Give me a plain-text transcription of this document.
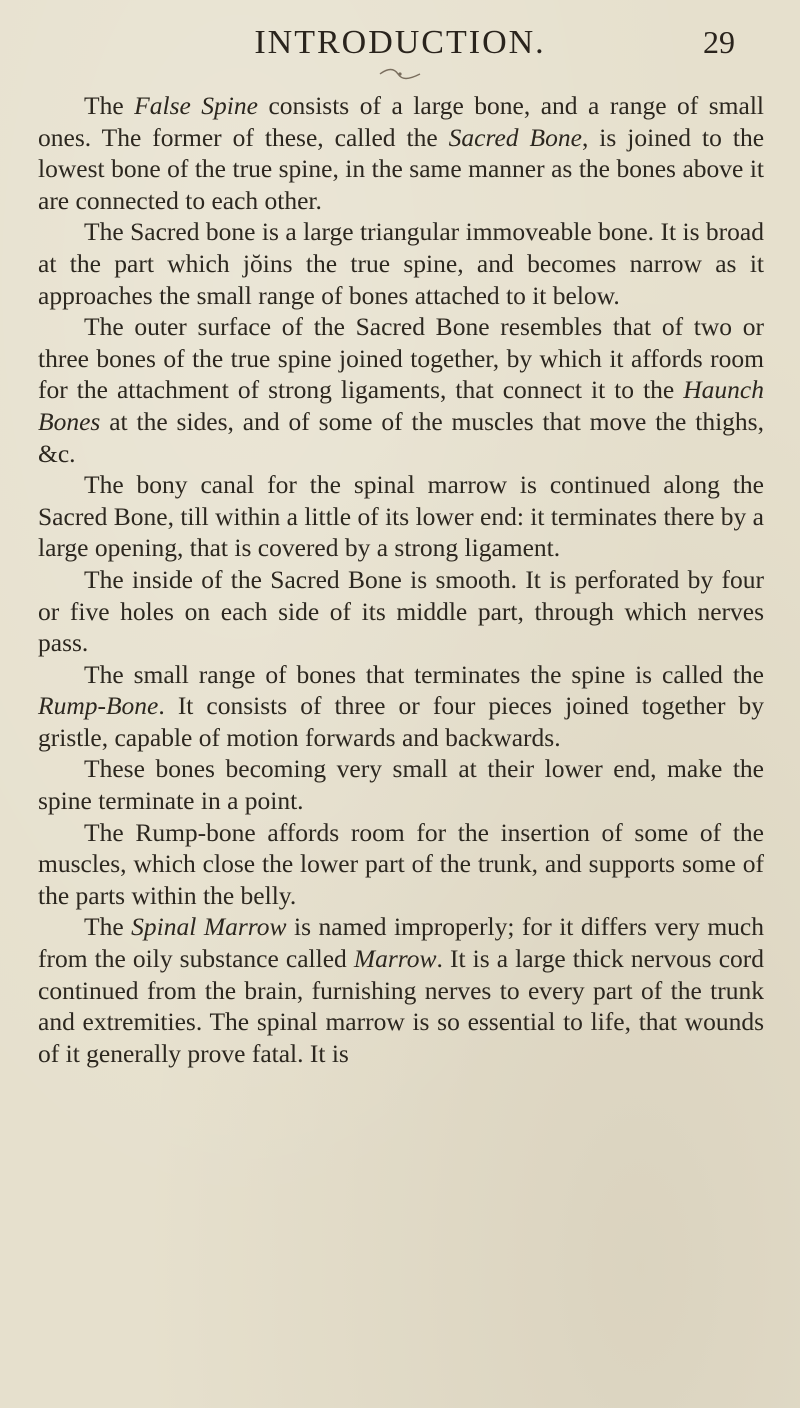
INTRODUCTION.	29

The False Spine consists of a large bone, and a range of small ones. The former of these, called the Sacred Bone, is joined to the lowest bone of the true spine, in the same manner as the bones above it are connected to each other.

The Sacred bone is a large triangular immoveable bone. It is broad at the part which jŏins the true spine, and becomes narrow as it approaches the small range of bones attached to it below.

The outer surface of the Sacred Bone resembles that of two or three bones of the true spine joined together, by which it affords room for the attachment of strong ligaments, that connect it to the Haunch Bones at the sides, and of some of the muscles that move the thighs, &c.

The bony canal for the spinal marrow is continued along the Sacred Bone, till within a little of its lower end: it terminates there by a large opening, that is covered by a strong ligament.

The inside of the Sacred Bone is smooth. It is perforated by four or five holes on each side of its middle part, through which nerves pass.

The small range of bones that terminates the spine is called the Rump-Bone. It consists of three or four pieces joined together by gristle, capable of motion forwards and backwards.

These bones becoming very small at their lower end, make the spine terminate in a point.

The Rump-bone affords room for the insertion of some of the muscles, which close the lower part of the trunk, and supports some of the parts within the belly.

The Spinal Marrow is named improperly; for it differs very much from the oily substance called Marrow. It is a large thick nervous cord continued from the brain, furnishing nerves to every part of the trunk and extremities. The spinal marrow is so essential to life, that wounds of it generally prove fatal. It is
